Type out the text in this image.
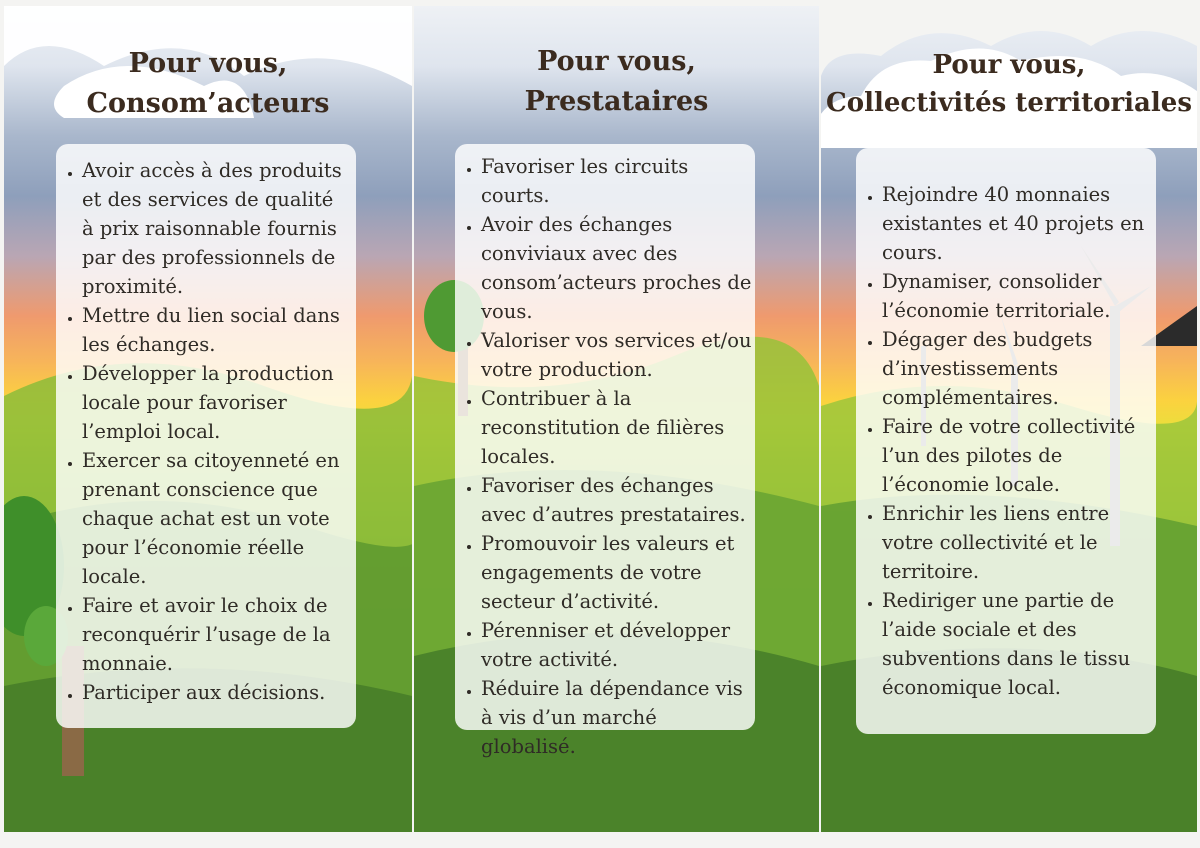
Pour vous,
Consom’acteurs
• Avoir accès à des produits et des services de qualité à prix raisonnable fournis par des professionnels de proximité.
• Mettre du lien social dans les échanges.
• Développer la production locale pour favoriser l’emploi local.
• Exercer sa citoyenneté en prenant conscience que chaque achat est un vote pour l’économie réelle locale.
• Faire et avoir le choix de reconquérir l’usage de la monnaie.
• Participer aux décisions.
Pour vous,
Prestataires
• Favoriser les circuits courts.
• Avoir des échanges conviviaux avec des consom’acteurs proches de vous.
• Valoriser vos services et/ou votre production.
• Contribuer à la reconstitution de filières locales.
• Favoriser des échanges avec d’autres prestataires.
• Promouvoir les valeurs et engagements de votre secteur d’activité.
• Pérenniser et développer votre activité.
• Réduire la dépendance vis à vis d’un marché globalisé.
Pour vous,
Collectivités territoriales
• Rejoindre 40 monnaies existantes et 40 projets en cours.
• Dynamiser, consolider l’économie territoriale.
• Dégager des budgets d’investissements complémentaires.
• Faire de votre collectivité l’un des pilotes de l’économie locale.
• Enrichir les liens entre votre collectivité et le territoire.
• Rediriger une partie de l’aide sociale et des subventions dans le tissu économique local.
